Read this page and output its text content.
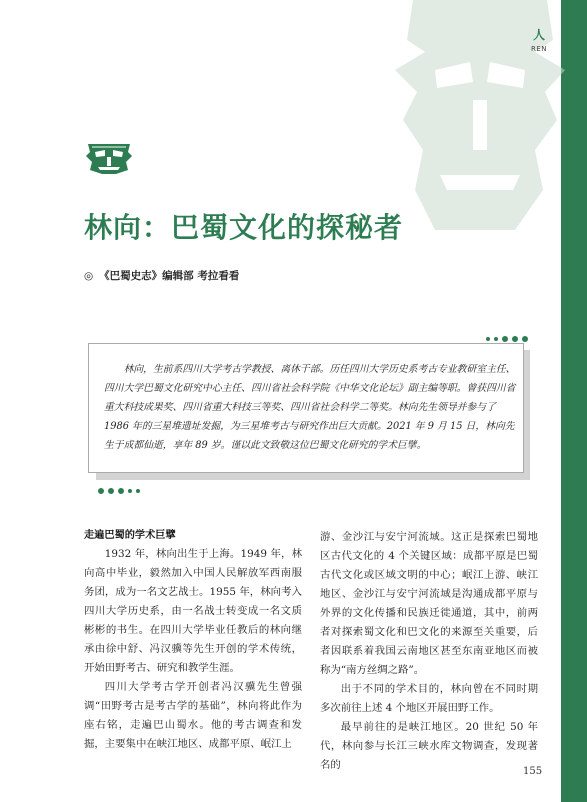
人
REN
林向：巴蜀文化的探秘者
◎ 《巴蜀史志》编辑部 考拉看看
林向，生前系四川大学考古学教授、离休干部。历任四川大学历史系考古专业教研室主任、四川大学巴蜀文化研究中心主任、四川省社会科学院《中华文化论坛》副主编等职。曾获四川省重大科技成果奖、四川省重大科技三等奖、四川省社会科学二等奖。林向先生领导并参与了 1986 年的三星堆遗址发掘，为三星堆考古与研究作出巨大贡献。2021 年 9 月 15 日，林向先生于成都仙逝，享年 89 岁。谨以此文致敬这位巴蜀文化研究的学术巨擘。
走遍巴蜀的学术巨擘

1932 年，林向出生于上海。1949 年，林向高中毕业，毅然加入中国人民解放军西南服务团，成为一名文艺战士。1955 年，林向考入四川大学历史系，由一名战士转变成一名文质彬彬的书生。在四川大学毕业任教后的林向继承由徐中舒、冯汉骥等先生开创的学术传统，开始田野考古、研究和教学生涯。

四川大学考古学开创者冯汉骥先生曾强调“田野考古是考古学的基础”，林向将此作为座右铭，走遍巴山蜀水。他的考古调查和发掘，主要集中在峡江地区、成都平原、岷江上

游、金沙江与安宁河流域。这正是探索巴蜀地区古代文化的 4 个关键区域：成都平原是巴蜀古代文化或区域文明的中心；岷江上游、峡江地区、金沙江与安宁河流域是沟通成都平原与外界的文化传播和民族迁徙通道，其中，前两者对探索蜀文化和巴文化的来源至关重要，后者因联系着我国云南地区甚至东南亚地区而被称为“南方丝绸之路”。

出于不同的学术目的，林向曾在不同时期多次前往上述 4 个地区开展田野工作。

最早前往的是峡江地区。20 世纪 50 年代，林向参与长江三峡水库文物调查，发现著名的

155
